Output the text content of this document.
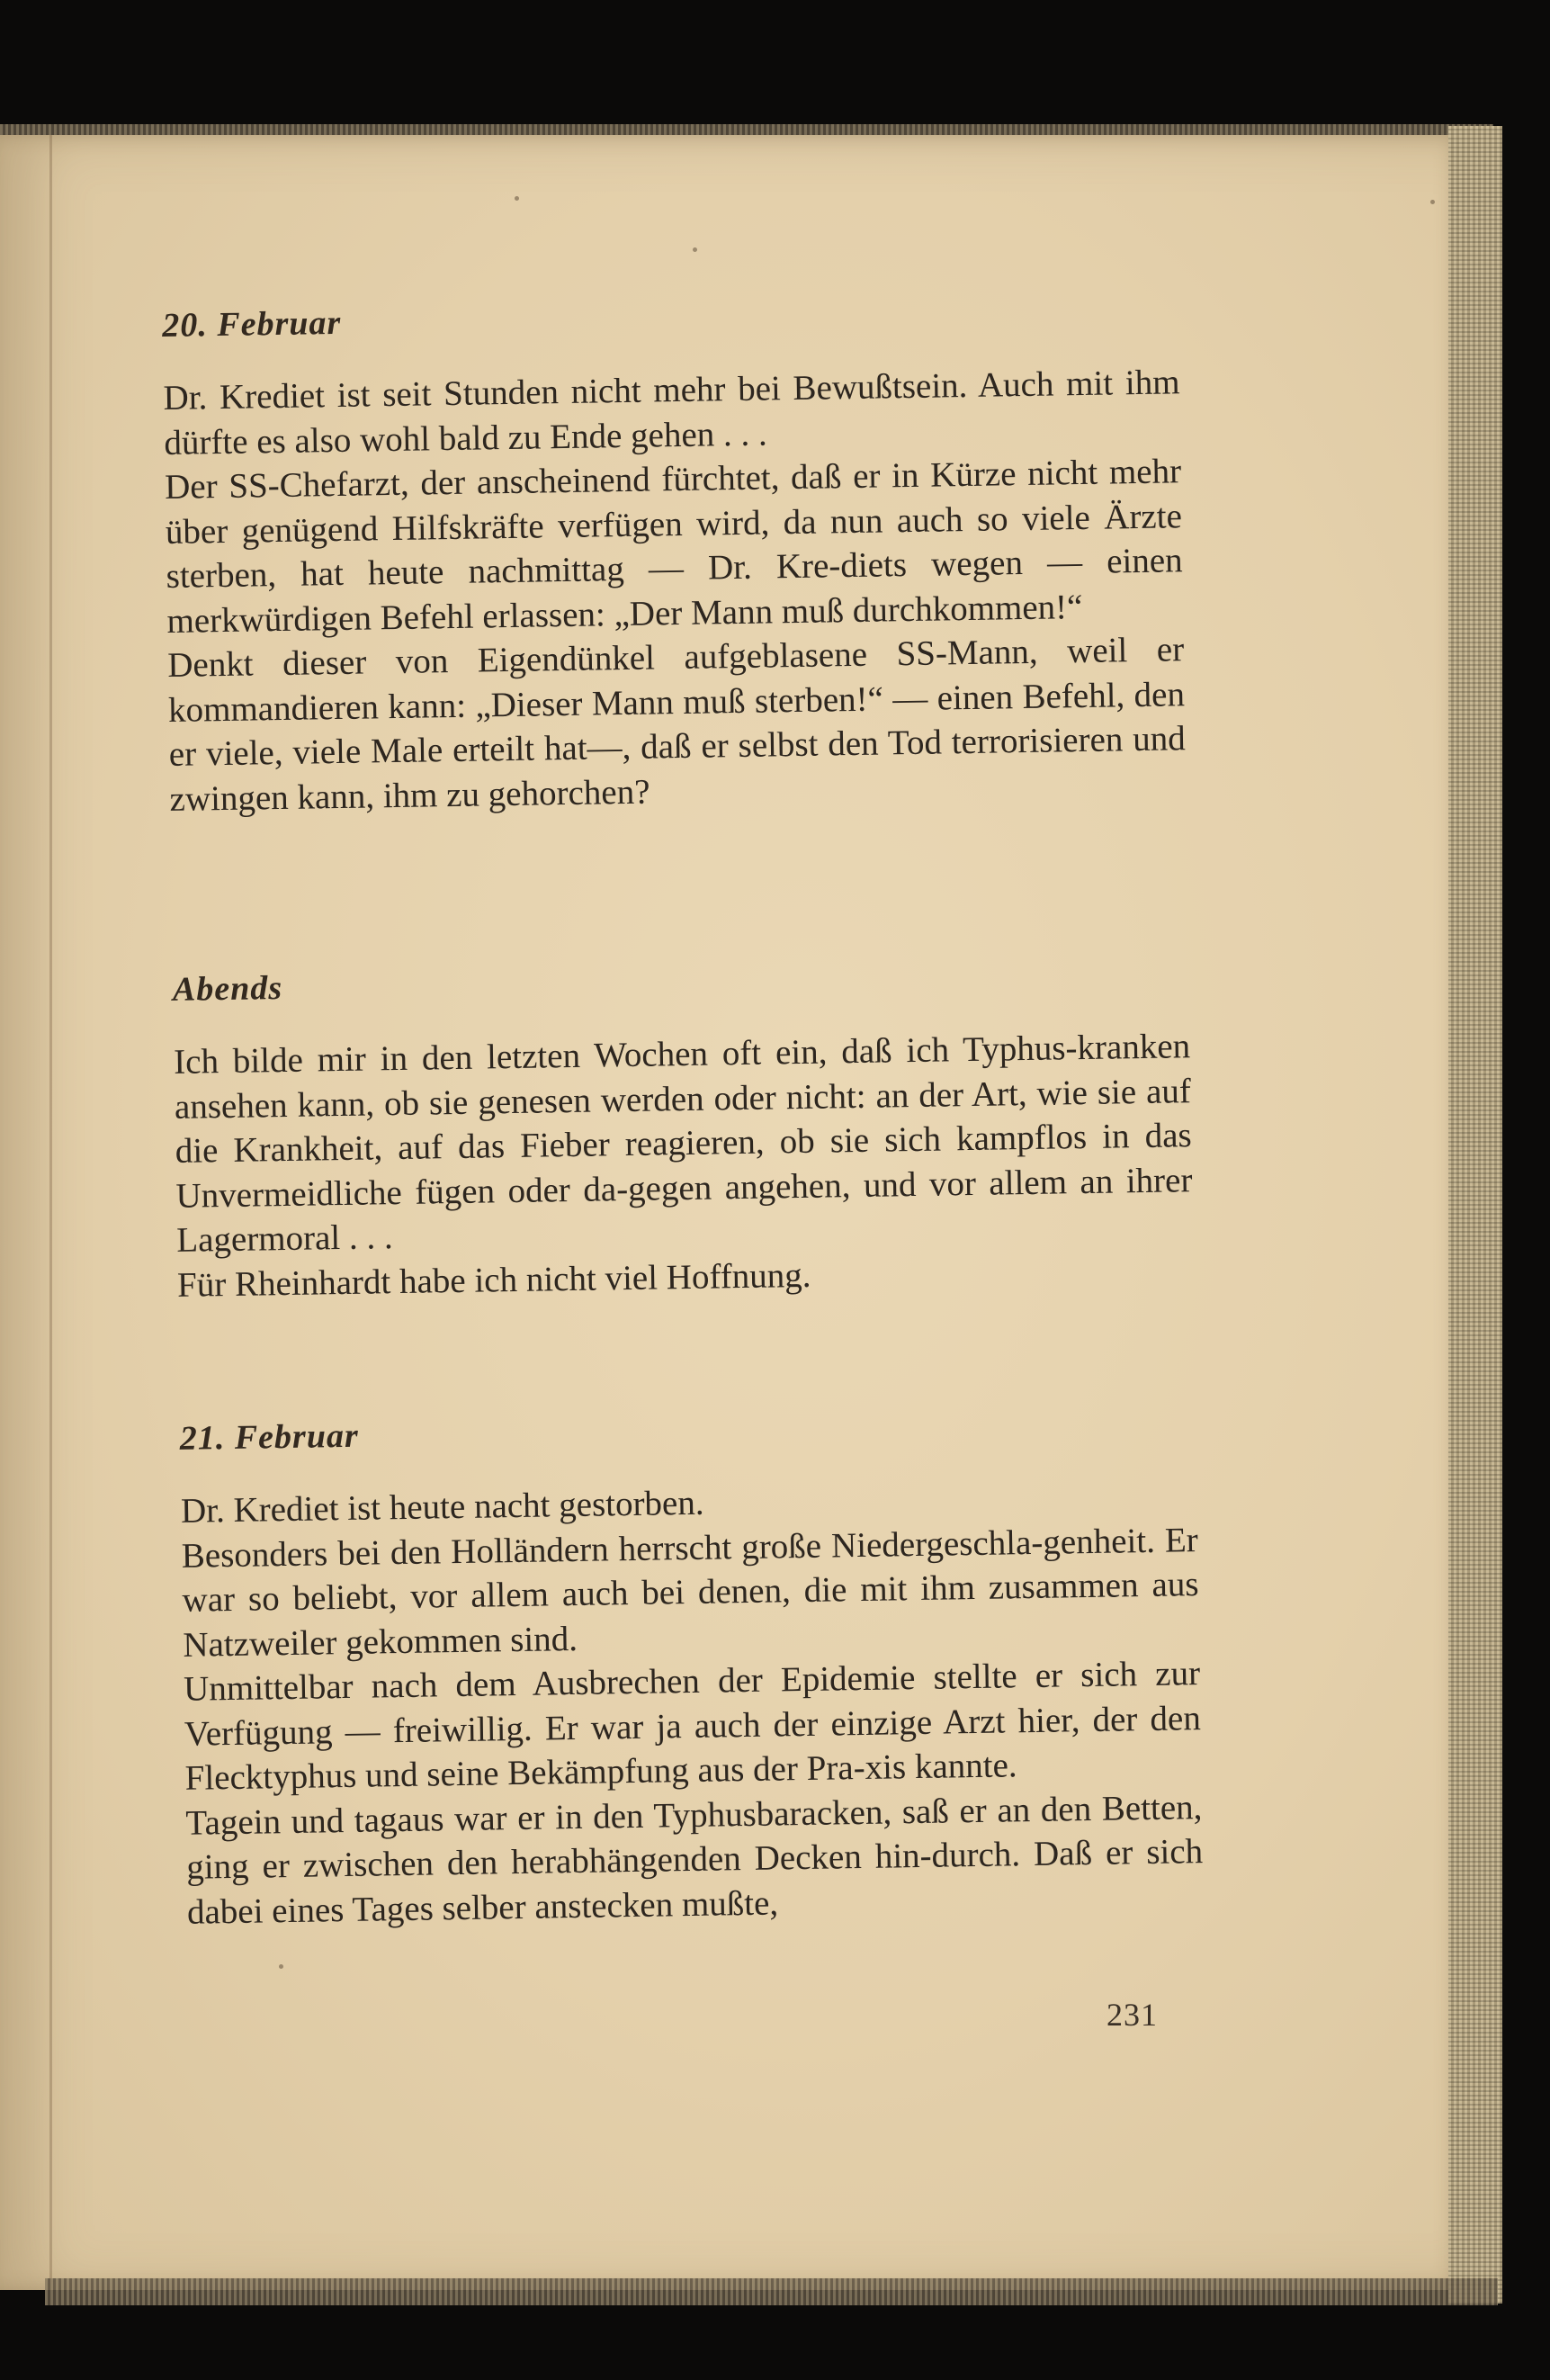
20. Februar

Dr. Krediet ist seit Stunden nicht mehr bei Bewußtsein. Auch mit ihm dürfte es also wohl bald zu Ende gehen . . .

Der SS-Chefarzt, der anscheinend fürchtet, daß er in Kürze nicht mehr über genügend Hilfskräfte verfügen wird, da nun auch so viele Ärzte sterben, hat heute nachmittag — Dr. Kre-diets wegen — einen merkwürdigen Befehl erlassen: „Der Mann muß durchkommen!“

Denkt dieser von Eigendünkel aufgeblasene SS-Mann, weil er kommandieren kann: „Dieser Mann muß sterben!“ — einen Befehl, den er viele, viele Male erteilt hat—, daß er selbst den Tod terrorisieren und zwingen kann, ihm zu gehorchen?

Abends

Ich bilde mir in den letzten Wochen oft ein, daß ich Typhus-kranken ansehen kann, ob sie genesen werden oder nicht: an der Art, wie sie auf die Krankheit, auf das Fieber reagieren, ob sie sich kampflos in das Unvermeidliche fügen oder da-gegen angehen, und vor allem an ihrer Lagermoral . . .

Für Rheinhardt habe ich nicht viel Hoffnung.

21. Februar

Dr. Krediet ist heute nacht gestorben.

Besonders bei den Holländern herrscht große Niedergeschla-genheit. Er war so beliebt, vor allem auch bei denen, die mit ihm zusammen aus Natzweiler gekommen sind.

Unmittelbar nach dem Ausbrechen der Epidemie stellte er sich zur Verfügung — freiwillig. Er war ja auch der einzige Arzt hier, der den Flecktyphus und seine Bekämpfung aus der Pra-xis kannte.

Tagein und tagaus war er in den Typhusbaracken, saß er an den Betten, ging er zwischen den herabhängenden Decken hin-durch. Daß er sich dabei eines Tages selber anstecken mußte,

231
